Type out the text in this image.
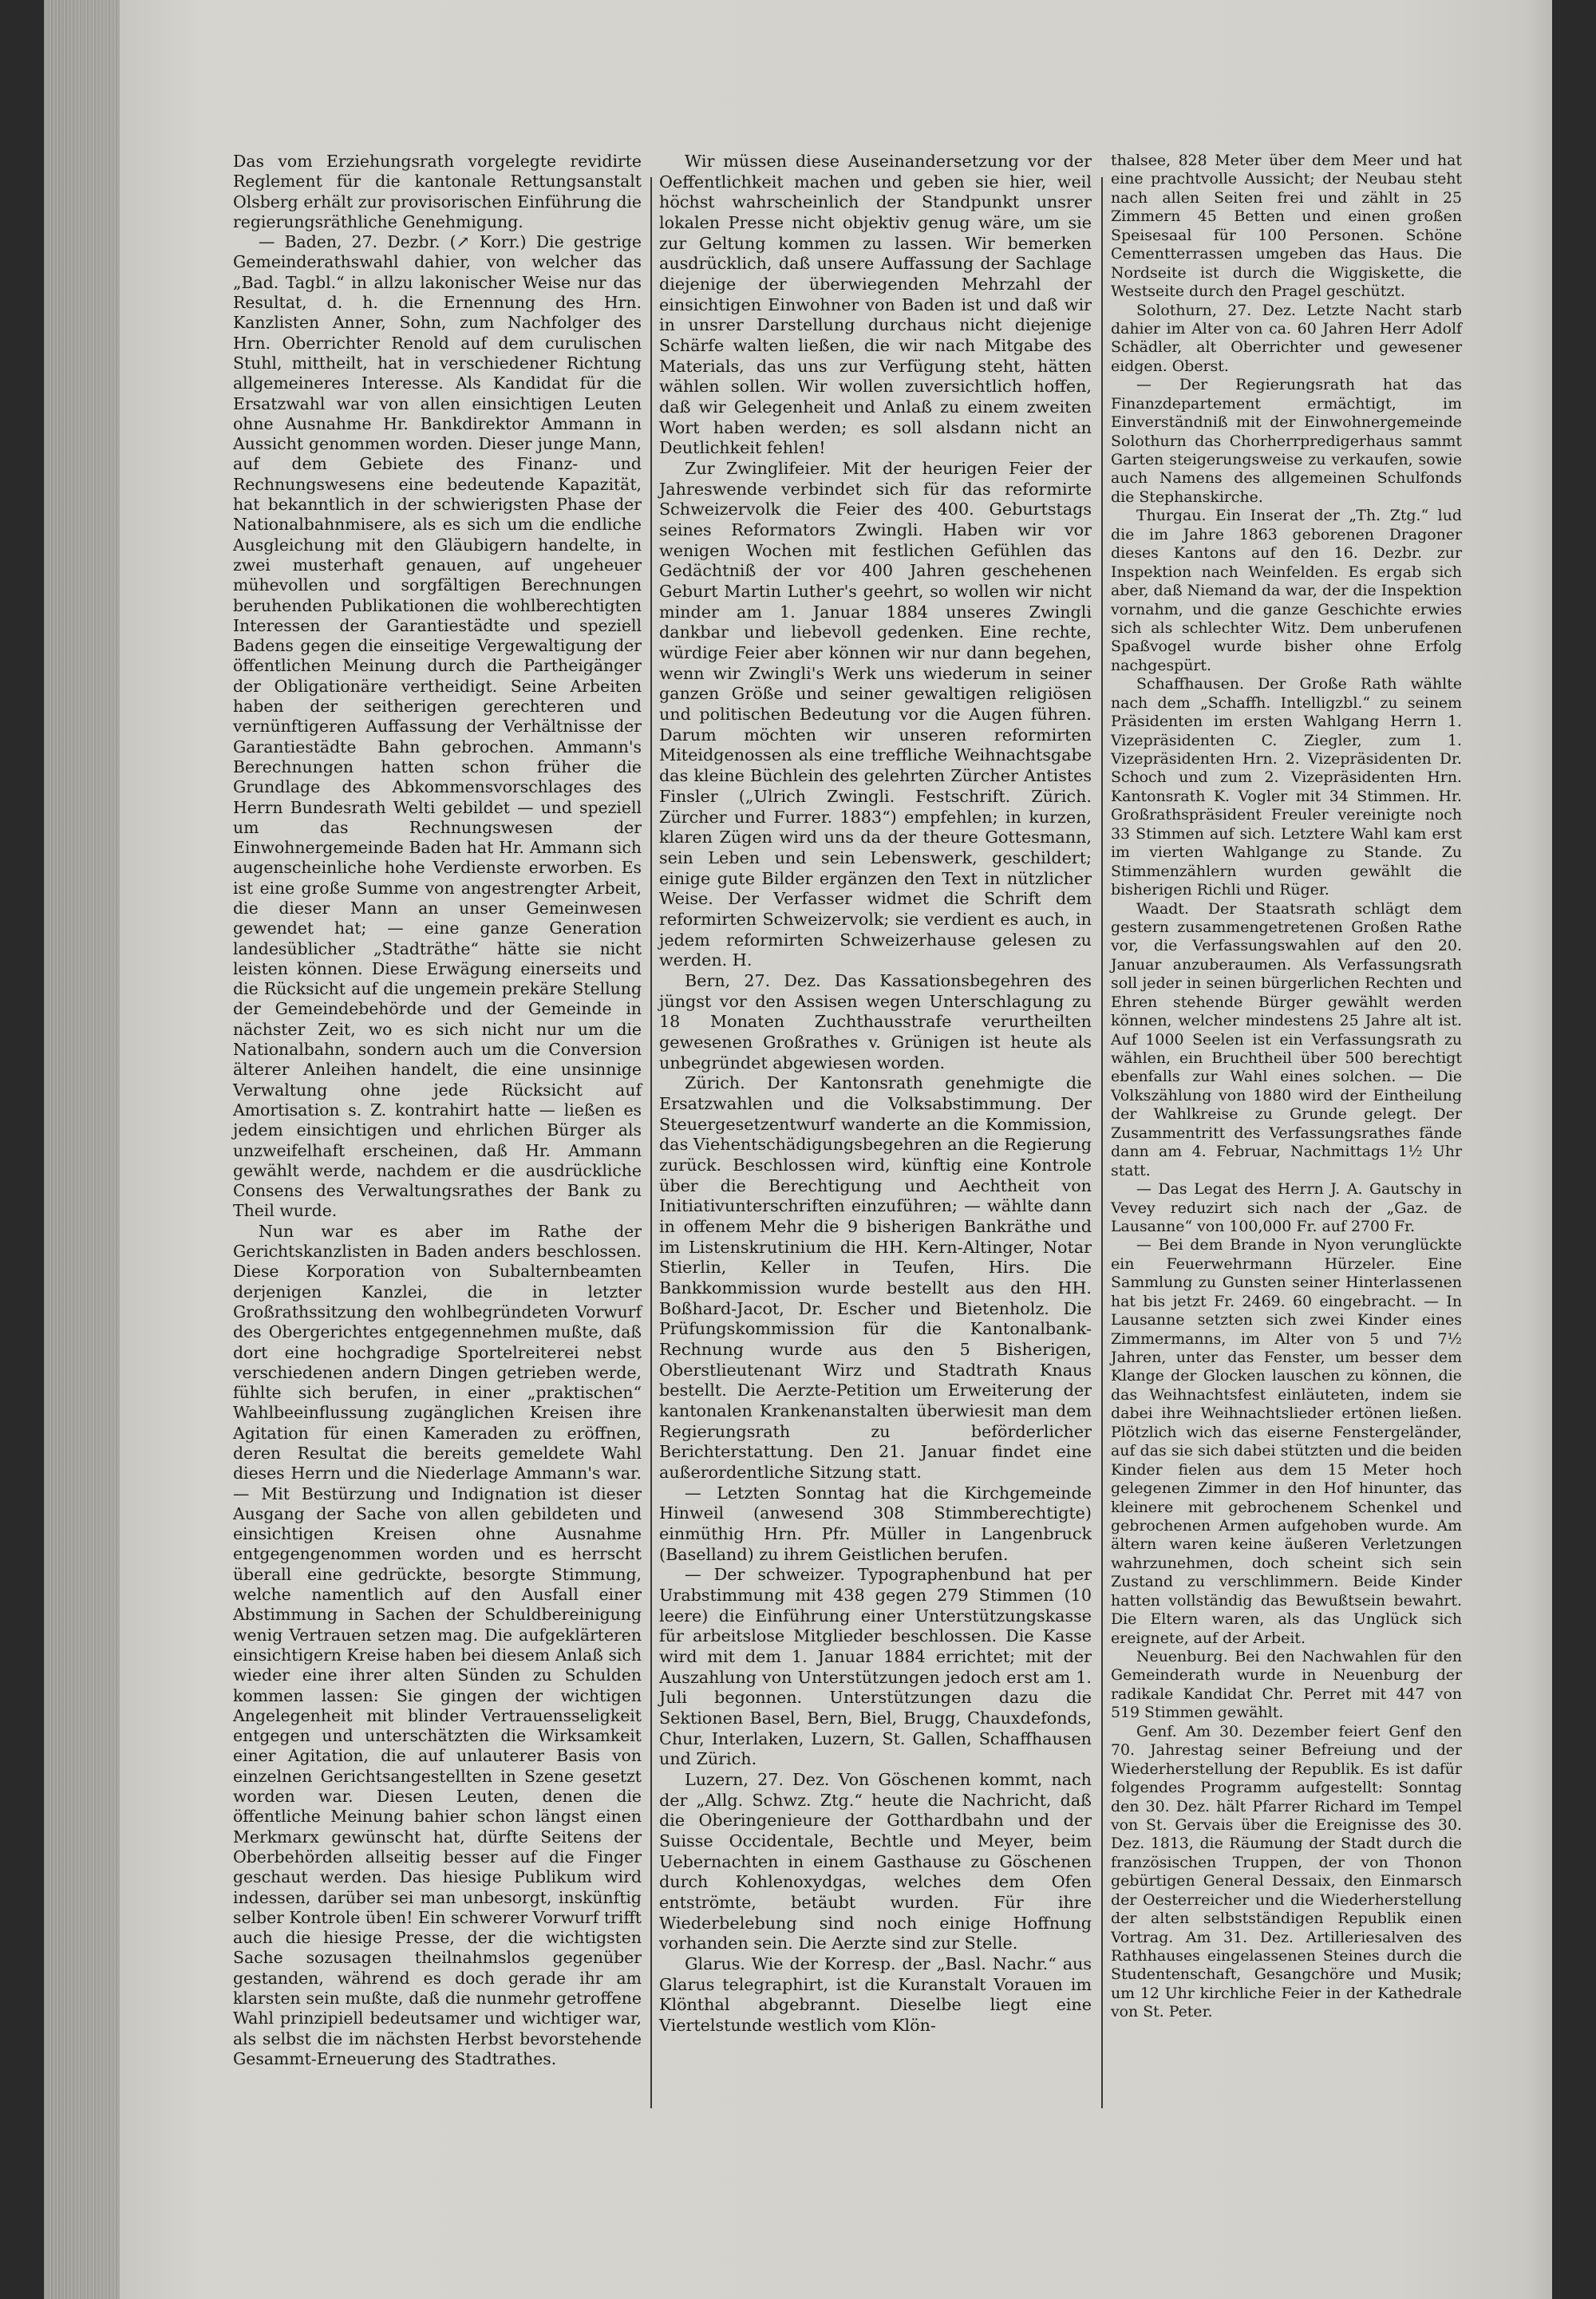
Das vom Erziehungsrath vorgelegte revidirte Reglement für die kantonale Rettungsanstalt Olsberg erhält zur provisorischen Einführung die regierungsräthliche Genehmigung.

— Baden, 27. Dezbr. (↗ Korr.) Die gestrige Gemeinderathswahl dahier, von welcher das „Bad. Tagbl.“ in allzu lakonischer Weise nur das Resultat, d. h. die Ernennung des Hrn. Kanzlisten Anner, Sohn, zum Nachfolger des Hrn. Oberrichter Renold auf dem curulischen Stuhl, mittheilt, hat in verschiedener Richtung allgemeineres Interesse. Als Kandidat für die Ersatzwahl war von allen einsichtigen Leuten ohne Ausnahme Hr. Bankdirektor Ammann in Aussicht genommen worden. Dieser junge Mann, auf dem Gebiete des Finanz- und Rechnungswesens eine bedeutende Kapazität, hat bekanntlich in der schwierigsten Phase der Nationalbahnmisere, als es sich um die endliche Ausgleichung mit den Gläubigern handelte, in zwei musterhaft genauen, auf ungeheuer mühevollen und sorgfältigen Berechnungen beruhenden Publikationen die wohlberechtigten Interessen der Garantiestädte und speziell Badens gegen die einseitige Vergewaltigung der öffentlichen Meinung durch die Partheigänger der Obligationäre vertheidigt. Seine Arbeiten haben der seitherigen gerechteren und vernünftigeren Auffassung der Verhältnisse der Garantiestädte Bahn gebrochen. Ammann's Berechnungen hatten schon früher die Grundlage des Abkommensvorschlages des Herrn Bundesrath Welti gebildet — und speziell um das Rechnungswesen der Einwohnergemeinde Baden hat Hr. Ammann sich augenscheinliche hohe Verdienste erworben. Es ist eine große Summe von angestrengter Arbeit, die dieser Mann an unser Gemeinwesen gewendet hat; — eine ganze Generation landesüblicher „Stadträthe“ hätte sie nicht leisten können. Diese Erwägung einerseits und die Rücksicht auf die ungemein prekäre Stellung der Gemeindebehörde und der Gemeinde in nächster Zeit, wo es sich nicht nur um die Nationalbahn, sondern auch um die Conversion älterer Anleihen handelt, die eine unsinnige Verwaltung ohne jede Rücksicht auf Amortisation s. Z. kontrahirt hatte — ließen es jedem einsichtigen und ehrlichen Bürger als unzweifelhaft erscheinen, daß Hr. Ammann gewählt werde, nachdem er die ausdrückliche Consens des Verwaltungsrathes der Bank zu Theil wurde.

Nun war es aber im Rathe der Gerichtskanzlisten in Baden anders beschlossen. Diese Korporation von Subalternbeamten derjenigen Kanzlei, die in letzter Großrathssitzung den wohlbegründeten Vorwurf des Obergerichtes entgegennehmen mußte, daß dort eine hochgradige Sportelreiterei nebst verschiedenen andern Dingen getrieben werde, fühlte sich berufen, in einer „praktischen“ Wahlbeeinflussung zugänglichen Kreisen ihre Agitation für einen Kameraden zu eröffnen, deren Resultat die bereits gemeldete Wahl dieses Herrn und die Niederlage Ammann's war. — Mit Bestürzung und Indignation ist dieser Ausgang der Sache von allen gebildeten und einsichtigen Kreisen ohne Ausnahme entgegengenommen worden und es herrscht überall eine gedrückte, besorgte Stimmung, welche namentlich auf den Ausfall einer Abstimmung in Sachen der Schuldbereinigung wenig Vertrauen setzen mag. Die aufgeklärteren einsichtigern Kreise haben bei diesem Anlaß sich wieder eine ihrer alten Sünden zu Schulden kommen lassen: Sie gingen der wichtigen Angelegenheit mit blinder Vertrauensseligkeit entgegen und unterschätzten die Wirksamkeit einer Agitation, die auf unlauterer Basis von einzelnen Gerichtsangestellten in Szene gesetzt worden war. Diesen Leuten, denen die öffentliche Meinung bahier schon längst einen Merkmarx gewünscht hat, dürfte Seitens der Oberbehörden allseitig besser auf die Finger geschaut werden. Das hiesige Publikum wird indessen, darüber sei man unbesorgt, inskünftig selber Kontrole üben! Ein schwerer Vorwurf trifft auch die hiesige Presse, der die wichtigsten Sache sozusagen theilnahmslos gegenüber gestanden, während es doch gerade ihr am klarsten sein mußte, daß die nunmehr getroffene Wahl prinzipiell bedeutsamer und wichtiger war, als selbst die im nächsten Herbst bevorstehende Gesammt-Erneuerung des Stadtrathes.

Wir müssen diese Auseinandersetzung vor der Oeffentlichkeit machen und geben sie hier, weil höchst wahrscheinlich der Standpunkt unsrer lokalen Presse nicht objektiv genug wäre, um sie zur Geltung kommen zu lassen. Wir bemerken ausdrücklich, daß unsere Auffassung der Sachlage diejenige der überwiegenden Mehrzahl der einsichtigen Einwohner von Baden ist und daß wir in unsrer Darstellung durchaus nicht diejenige Schärfe walten ließen, die wir nach Mitgabe des Materials, das uns zur Verfügung steht, hätten wählen sollen. Wir wollen zuversichtlich hoffen, daß wir Gelegenheit und Anlaß zu einem zweiten Wort haben werden; es soll alsdann nicht an Deutlichkeit fehlen!

Zur Zwinglifeier. Mit der heurigen Feier der Jahreswende verbindet sich für das reformirte Schweizervolk die Feier des 400. Geburtstags seines Reformators Zwingli. Haben wir vor wenigen Wochen mit festlichen Gefühlen das Gedächtniß der vor 400 Jahren geschehenen Geburt Martin Luther's geehrt, so wollen wir nicht minder am 1. Januar 1884 unseres Zwingli dankbar und liebevoll gedenken. Eine rechte, würdige Feier aber können wir nur dann begehen, wenn wir Zwingli's Werk uns wiederum in seiner ganzen Größe und seiner gewaltigen religiösen und politischen Bedeutung vor die Augen führen. Darum möchten wir unseren reformirten Miteidgenossen als eine treffliche Weihnachtsgabe das kleine Büchlein des gelehrten Zürcher Antistes Finsler („Ulrich Zwingli. Festschrift. Zürich. Zürcher und Furrer. 1883“) empfehlen; in kurzen, klaren Zügen wird uns da der theure Gottesmann, sein Leben und sein Lebenswerk, geschildert; einige gute Bilder ergänzen den Text in nützlicher Weise. Der Verfasser widmet die Schrift dem reformirten Schweizervolk; sie verdient es auch, in jedem reformirten Schweizerhause gelesen zu werden. H.

Bern, 27. Dez. Das Kassationsbegehren des jüngst vor den Assisen wegen Unterschlagung zu 18 Monaten Zuchthausstrafe verurtheilten gewesenen Großrathes v. Grünigen ist heute als unbegründet abgewiesen worden.

Zürich. Der Kantonsrath genehmigte die Ersatzwahlen und die Volksabstimmung. Der Steuergesetzentwurf wanderte an die Kommission, das Viehentschädigungsbegehren an die Regierung zurück. Beschlossen wird, künftig eine Kontrole über die Berechtigung und Aechtheit von Initiativunterschriften einzuführen; — wählte dann in offenem Mehr die 9 bisherigen Bankräthe und im Listenskrutinium die HH. Kern-Altinger, Notar Stierlin, Keller in Teufen, Hirs. Die Bankkommission wurde bestellt aus den HH. Boßhard-Jacot, Dr. Escher und Bietenholz. Die Prüfungskommission für die Kantonalbank-Rechnung wurde aus den 5 Bisherigen, Oberstlieutenant Wirz und Stadtrath Knaus bestellt. Die Aerzte-Petition um Erweiterung der kantonalen Krankenanstalten überwiesit man dem Regierungsrath zu beförderlicher Berichterstattung. Den 21. Januar findet eine außerordentliche Sitzung statt.

— Letzten Sonntag hat die Kirchgemeinde Hinweil (anwesend 308 Stimmberechtigte) einmüthig Hrn. Pfr. Müller in Langenbruck (Baselland) zu ihrem Geistlichen berufen.

— Der schweizer. Typographenbund hat per Urabstimmung mit 438 gegen 279 Stimmen (10 leere) die Einführung einer Unterstützungskasse für arbeitslose Mitglieder beschlossen. Die Kasse wird mit dem 1. Januar 1884 errichtet; mit der Auszahlung von Unterstützungen jedoch erst am 1. Juli begonnen. Unterstützungen dazu die Sektionen Basel, Bern, Biel, Brugg, Chauxdefonds, Chur, Interlaken, Luzern, St. Gallen, Schaffhausen und Zürich.

Luzern, 27. Dez. Von Göschenen kommt, nach der „Allg. Schwz. Ztg.“ heute die Nachricht, daß die Oberingenieure der Gotthardbahn und der Suisse Occidentale, Bechtle und Meyer, beim Uebernachten in einem Gasthause zu Göschenen durch Kohlenoxydgas, welches dem Ofen entströmte, betäubt wurden. Für ihre Wiederbelebung sind noch einige Hoffnung vorhanden sein. Die Aerzte sind zur Stelle.

Glarus. Wie der Korresp. der „Basl. Nachr.“ aus Glarus telegraphirt, ist die Kuranstalt Vorauen im Klönthal abgebrannt. Dieselbe liegt eine Viertelstunde westlich vom Klön-

thalsee, 828 Meter über dem Meer und hat eine prachtvolle Aussicht; der Neubau steht nach allen Seiten frei und zählt in 25 Zimmern 45 Betten und einen großen Speisesaal für 100 Personen. Schöne Cementterrassen umgeben das Haus. Die Nordseite ist durch die Wiggiskette, die Westseite durch den Pragel geschützt.

Solothurn, 27. Dez. Letzte Nacht starb dahier im Alter von ca. 60 Jahren Herr Adolf Schädler, alt Oberrichter und gewesener eidgen. Oberst.

— Der Regierungsrath hat das Finanzdepartement ermächtigt, im Einverständniß mit der Einwohnergemeinde Solothurn das Chorherrpredigerhaus sammt Garten steigerungsweise zu verkaufen, sowie auch Namens des allgemeinen Schulfonds die Stephanskirche.

Thurgau. Ein Inserat der „Th. Ztg.“ lud die im Jahre 1863 geborenen Dragoner dieses Kantons auf den 16. Dezbr. zur Inspektion nach Weinfelden. Es ergab sich aber, daß Niemand da war, der die Inspektion vornahm, und die ganze Geschichte erwies sich als schlechter Witz. Dem unberufenen Spaßvogel wurde bisher ohne Erfolg nachgespürt.

Schaffhausen. Der Große Rath wählte nach dem „Schaffh. Intelligzbl.“ zu seinem Präsidenten im ersten Wahlgang Herrn 1. Vizepräsidenten C. Ziegler, zum 1. Vizepräsidenten Hrn. 2. Vizepräsidenten Dr. Schoch und zum 2. Vizepräsidenten Hrn. Kantonsrath K. Vogler mit 34 Stimmen. Hr. Großrathspräsident Freuler vereinigte noch 33 Stimmen auf sich. Letztere Wahl kam erst im vierten Wahlgange zu Stande. Zu Stimmenzählern wurden gewählt die bisherigen Richli und Rüger.

Waadt. Der Staatsrath schlägt dem gestern zusammengetretenen Großen Rathe vor, die Verfassungswahlen auf den 20. Januar anzuberaumen. Als Verfassungsrath soll jeder in seinen bürgerlichen Rechten und Ehren stehende Bürger gewählt werden können, welcher mindestens 25 Jahre alt ist. Auf 1000 Seelen ist ein Verfassungsrath zu wählen, ein Bruchtheil über 500 berechtigt ebenfalls zur Wahl eines solchen. — Die Volkszählung von 1880 wird der Eintheilung der Wahlkreise zu Grunde gelegt. Der Zusammentritt des Verfassungsrathes fände dann am 4. Februar, Nachmittags 1½ Uhr statt.

— Das Legat des Herrn J. A. Gautschy in Vevey reduzirt sich nach der „Gaz. de Lausanne“ von 100,000 Fr. auf 2700 Fr.

— Bei dem Brande in Nyon verunglückte ein Feuerwehrmann Hürzeler. Eine Sammlung zu Gunsten seiner Hinterlassenen hat bis jetzt Fr. 2469. 60 eingebracht. — In Lausanne setzten sich zwei Kinder eines Zimmermanns, im Alter von 5 und 7½ Jahren, unter das Fenster, um besser dem Klange der Glocken lauschen zu können, die das Weihnachtsfest einläuteten, indem sie dabei ihre Weihnachtslieder ertönen ließen. Plötzlich wich das eiserne Fenstergeländer, auf das sie sich dabei stützten und die beiden Kinder fielen aus dem 15 Meter hoch gelegenen Zimmer in den Hof hinunter, das kleinere mit gebrochenem Schenkel und gebrochenen Armen aufgehoben wurde. Am ältern waren keine äußeren Verletzungen wahrzunehmen, doch scheint sich sein Zustand zu verschlimmern. Beide Kinder hatten vollständig das Bewußtsein bewahrt. Die Eltern waren, als das Unglück sich ereignete, auf der Arbeit.

Neuenburg. Bei den Nachwahlen für den Gemeinderath wurde in Neuenburg der radikale Kandidat Chr. Perret mit 447 von 519 Stimmen gewählt.

Genf. Am 30. Dezember feiert Genf den 70. Jahrestag seiner Befreiung und der Wiederherstellung der Republik. Es ist dafür folgendes Programm aufgestellt: Sonntag den 30. Dez. hält Pfarrer Richard im Tempel von St. Gervais über die Ereignisse des 30. Dez. 1813, die Räumung der Stadt durch die französischen Truppen, der von Thonon gebürtigen General Dessaix, den Einmarsch der Oesterreicher und die Wiederherstellung der alten selbstständigen Republik einen Vortrag. Am 31. Dez. Artilleriesalven des Rathhauses eingelassenen Steines durch die Studentenschaft, Gesangchöre und Musik; um 12 Uhr kirchliche Feier in der Kathedrale von St. Peter.
